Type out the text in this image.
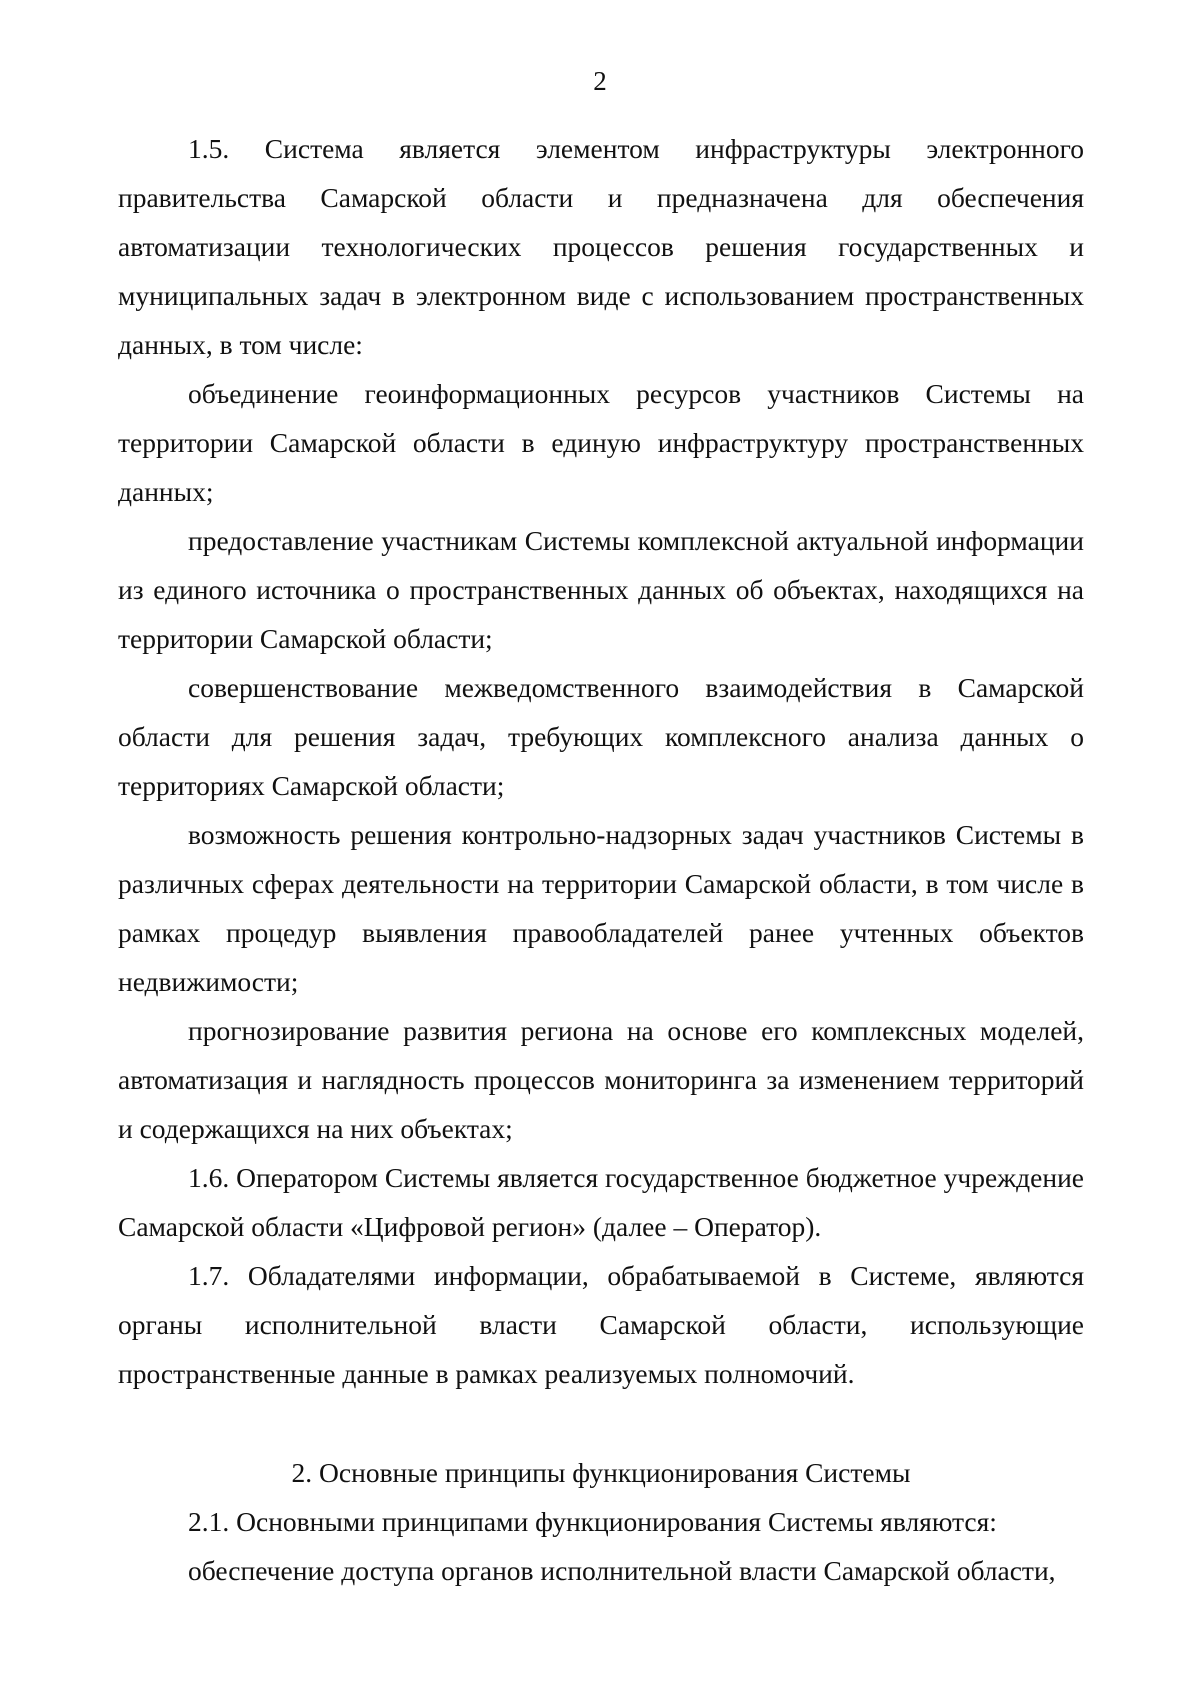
2

1.5. Система является элементом инфраструктуры электронного правительства Самарской области и предназначена для обеспечения автоматизации технологических процессов решения государственных и муниципальных задач в электронном виде с использованием пространственных данных, в том числе:

объединение геоинформационных ресурсов участников Системы на территории Самарской области в единую инфраструктуру пространственных данных;

предоставление участникам Системы комплексной актуальной информации из единого источника о пространственных данных об объектах, находящихся на территории Самарской области;

совершенствование межведомственного взаимодействия в Самарской области для решения задач, требующих комплексного анализа данных о территориях Самарской области;

возможность решения контрольно-надзорных задач участников Системы в различных сферах деятельности на территории Самарской области, в том числе в рамках процедур выявления правообладателей ранее учтенных объектов недвижимости;

прогнозирование развития региона на основе его комплексных моделей, автоматизация и наглядность процессов мониторинга за изменением территорий и содержащихся на них объектах;

1.6. Оператором Системы является государственное бюджетное учреждение Самарской области «Цифровой регион» (далее – Оператор).

1.7. Обладателями информации, обрабатываемой в Системе, являются органы исполнительной власти Самарской области, использующие пространственные данные в рамках реализуемых полномочий.

2. Основные принципы функционирования Системы

2.1. Основными принципами функционирования Системы являются:

обеспечение доступа органов исполнительной власти Самарской области,
